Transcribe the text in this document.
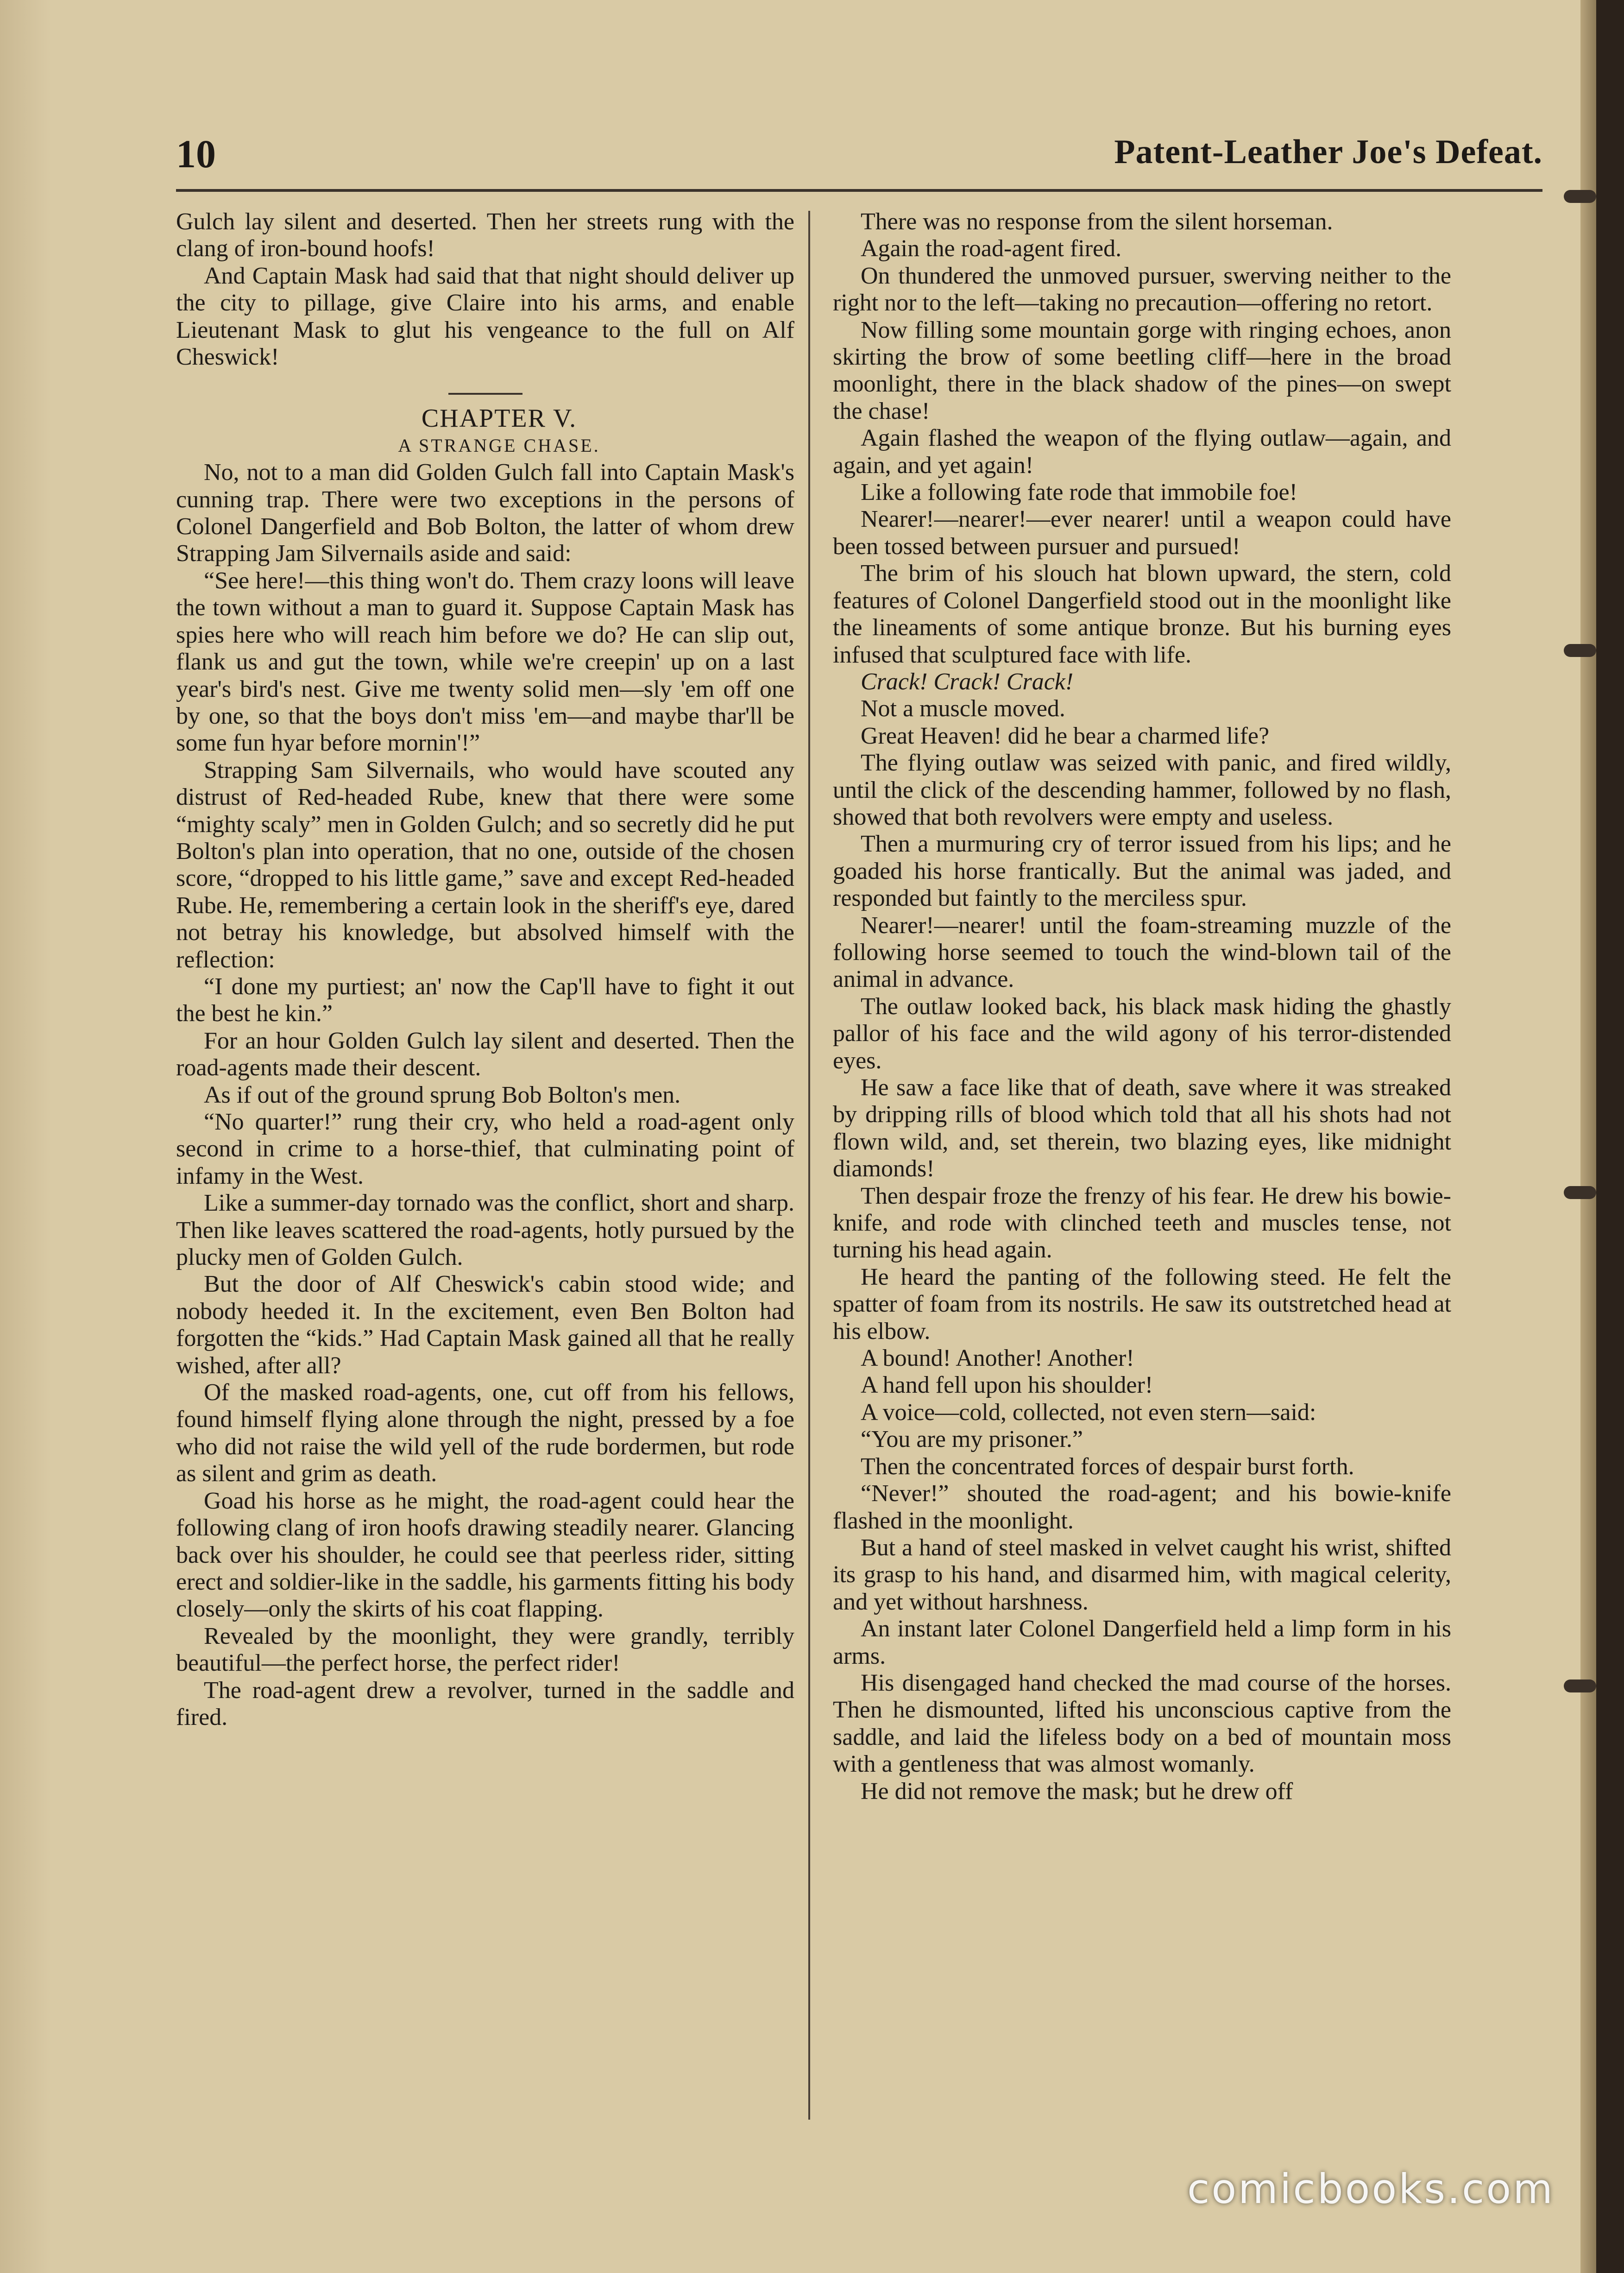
10	Patent-Leather Joe's Defeat.

Gulch lay silent and deserted. Then her streets rung with the clang of iron-bound hoofs!

And Captain Mask had said that that night should deliver up the city to pillage, give Claire into his arms, and enable Lieutenant Mask to glut his vengeance to the full on Alf Cheswick!

CHAPTER V.

A STRANGE CHASE.

No, not to a man did Golden Gulch fall into Captain Mask's cunning trap. There were two exceptions in the persons of Colonel Dangerfield and Bob Bolton, the latter of whom drew Strapping Jam Silvernails aside and said:

“See here!—this thing won't do. Them crazy loons will leave the town without a man to guard it. Suppose Captain Mask has spies here who will reach him before we do? He can slip out, flank us and gut the town, while we're creepin' up on a last year's bird's nest. Give me twenty solid men—sly 'em off one by one, so that the boys don't miss 'em—and maybe thar'll be some fun hyar before mornin'!”

Strapping Sam Silvernails, who would have scouted any distrust of Red-headed Rube, knew that there were some “mighty scaly” men in Golden Gulch; and so secretly did he put Bolton's plan into operation, that no one, outside of the chosen score, “dropped to his little game,” save and except Red-headed Rube. He, remembering a certain look in the sheriff's eye, dared not betray his knowledge, but absolved himself with the reflection:

“I done my purtiest; an' now the Cap'll have to fight it out the best he kin.”

For an hour Golden Gulch lay silent and deserted. Then the road-agents made their descent.

As if out of the ground sprung Bob Bolton's men.

“No quarter!” rung their cry, who held a road-agent only second in crime to a horse-thief, that culminating point of infamy in the West.

Like a summer-day tornado was the conflict, short and sharp. Then like leaves scattered the road-agents, hotly pursued by the plucky men of Golden Gulch.

But the door of Alf Cheswick's cabin stood wide; and nobody heeded it. In the excitement, even Ben Bolton had forgotten the “kids.” Had Captain Mask gained all that he really wished, after all?

Of the masked road-agents, one, cut off from his fellows, found himself flying alone through the night, pressed by a foe who did not raise the wild yell of the rude bordermen, but rode as silent and grim as death.

Goad his horse as he might, the road-agent could hear the following clang of iron hoofs drawing steadily nearer. Glancing back over his shoulder, he could see that peerless rider, sitting erect and soldier-like in the saddle, his garments fitting his body closely—only the skirts of his coat flapping.

Revealed by the moonlight, they were grandly, terribly beautiful—the perfect horse, the perfect rider!

The road-agent drew a revolver, turned in the saddle and fired.

There was no response from the silent horseman.

Again the road-agent fired.

On thundered the unmoved pursuer, swerving neither to the right nor to the left—taking no precaution—offering no retort.

Now filling some mountain gorge with ringing echoes, anon skirting the brow of some beetling cliff—here in the broad moonlight, there in the black shadow of the pines—on swept the chase!

Again flashed the weapon of the flying outlaw—again, and again, and yet again!

Like a following fate rode that immobile foe!

Nearer!—nearer!—ever nearer! until a weapon could have been tossed between pursuer and pursued!

The brim of his slouch hat blown upward, the stern, cold features of Colonel Dangerfield stood out in the moonlight like the lineaments of some antique bronze. But his burning eyes infused that sculptured face with life.

Crack! Crack! Crack!

Not a muscle moved.

Great Heaven! did he bear a charmed life?

The flying outlaw was seized with panic, and fired wildly, until the click of the descending hammer, followed by no flash, showed that both revolvers were empty and useless.

Then a murmuring cry of terror issued from his lips; and he goaded his horse frantically. But the animal was jaded, and responded but faintly to the merciless spur.

Nearer!—nearer! until the foam-streaming muzzle of the following horse seemed to touch the wind-blown tail of the animal in advance.

The outlaw looked back, his black mask hiding the ghastly pallor of his face and the wild agony of his terror-distended eyes.

He saw a face like that of death, save where it was streaked by dripping rills of blood which told that all his shots had not flown wild, and, set therein, two blazing eyes, like midnight diamonds!

Then despair froze the frenzy of his fear. He drew his bowie-knife, and rode with clinched teeth and muscles tense, not turning his head again.

He heard the panting of the following steed. He felt the spatter of foam from its nostrils. He saw its outstretched head at his elbow.

A bound! Another! Another!

A hand fell upon his shoulder!

A voice—cold, collected, not even stern—said:

“You are my prisoner.”

Then the concentrated forces of despair burst forth.

“Never!” shouted the road-agent; and his bowie-knife flashed in the moonlight.

But a hand of steel masked in velvet caught his wrist, shifted its grasp to his hand, and disarmed him, with magical celerity, and yet without harshness.

An instant later Colonel Dangerfield held a limp form in his arms.

His disengaged hand checked the mad course of the horses. Then he dismounted, lifted his unconscious captive from the saddle, and laid the lifeless body on a bed of mountain moss with a gentleness that was almost womanly.

He did not remove the mask; but he drew off

comicbooks.com
